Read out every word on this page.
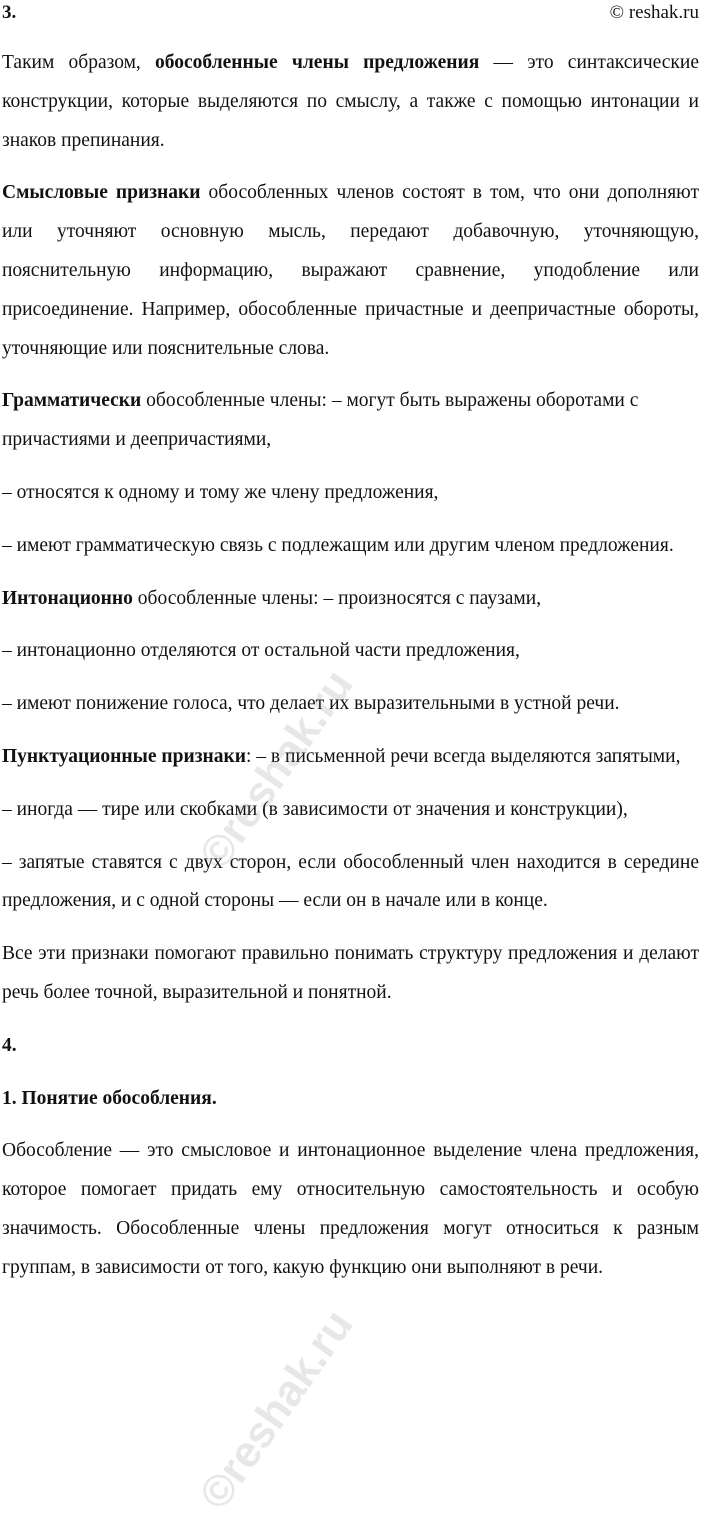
3.	© reshak.ru

Таким образом, обособленные члены предложения — это синтаксические конструкции, которые выделяются по смыслу, а также с помощью интонации и знаков препинания.

Смысловые признаки обособленных членов состоят в том, что они дополняют или уточняют основную мысль, передают добавочную, уточняющую, пояснительную информацию, выражают сравнение, уподобление или присоединение. Например, обособленные причастные и деепричастные обороты, уточняющие или пояснительные слова.

Грамматически обособленные члены: – могут быть выражены оборотами с причастиями и деепричастиями,

– относятся к одному и тому же члену предложения,

– имеют грамматическую связь с подлежащим или другим членом предложения.

Интонационно обособленные члены: – произносятся с паузами,

– интонационно отделяются от остальной части предложения,

– имеют понижение голоса, что делает их выразительными в устной речи.

Пунктуационные признаки: – в письменной речи всегда выделяются запятыми,

– иногда — тире или скобками (в зависимости от значения и конструкции),

– запятые ставятся с двух сторон, если обособленный член находится в середине предложения, и с одной стороны — если он в начале или в конце.

Все эти признаки помогают правильно понимать структуру предложения и делают речь более точной, выразительной и понятной.

4.
1. Понятие обособления.

Обособление — это смысловое и интонационное выделение члена предложения, которое помогает придать ему относительную самостоятельность и особую значимость. Обособленные члены предложения могут относиться к разным группам, в зависимости от того, какую функцию они выполняют в речи.

©reshak.ru
©reshak.ru
